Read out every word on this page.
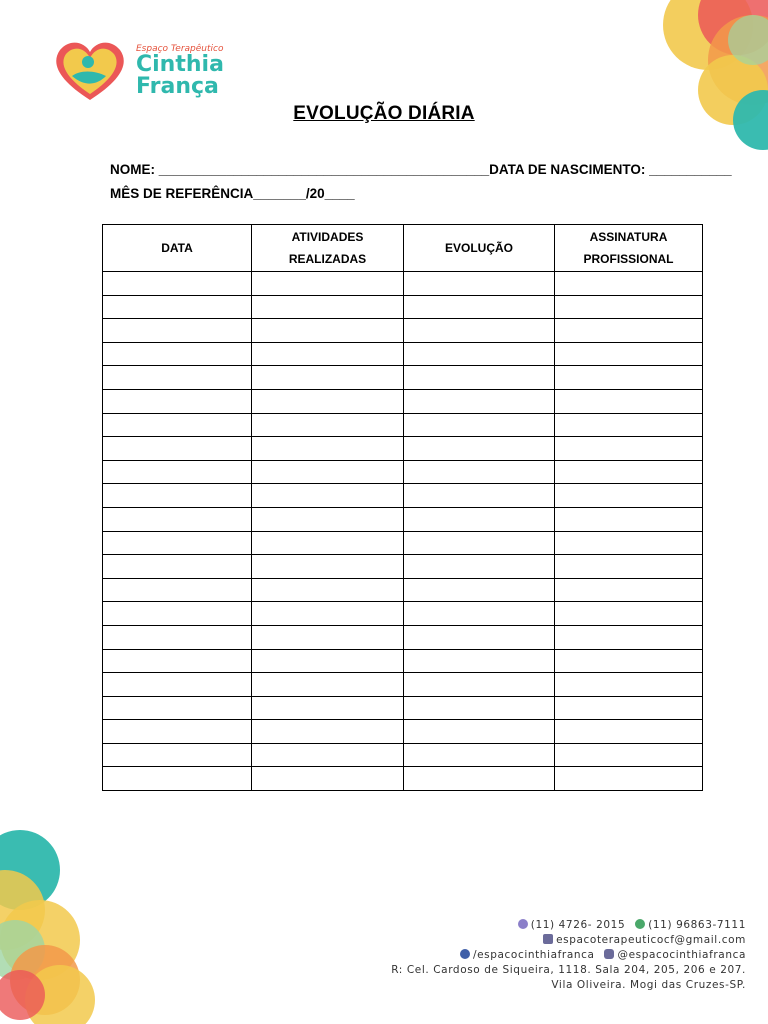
Espaço Terapêutico
Cinthia
França
EVOLUÇÃO DIÁRIA
NOME: ____________________________________________DATA DE NASCIMENTO: ___________
MÊS DE REFERÊNCIA_______/20____
DATA	ATIVIDADES REALIZADAS	EVOLUÇÃO	ASSINATURA PROFISSIONAL

(11) 4726- 2015 (11) 96863-7111
espacoterapeuticocf@gmail.com
/espacocinthiafranca @espacocinthiafranca
R: Cel. Cardoso de Siqueira, 1118. Sala 204, 205, 206 e 207.
Vila Oliveira. Mogi das Cruzes-SP.
